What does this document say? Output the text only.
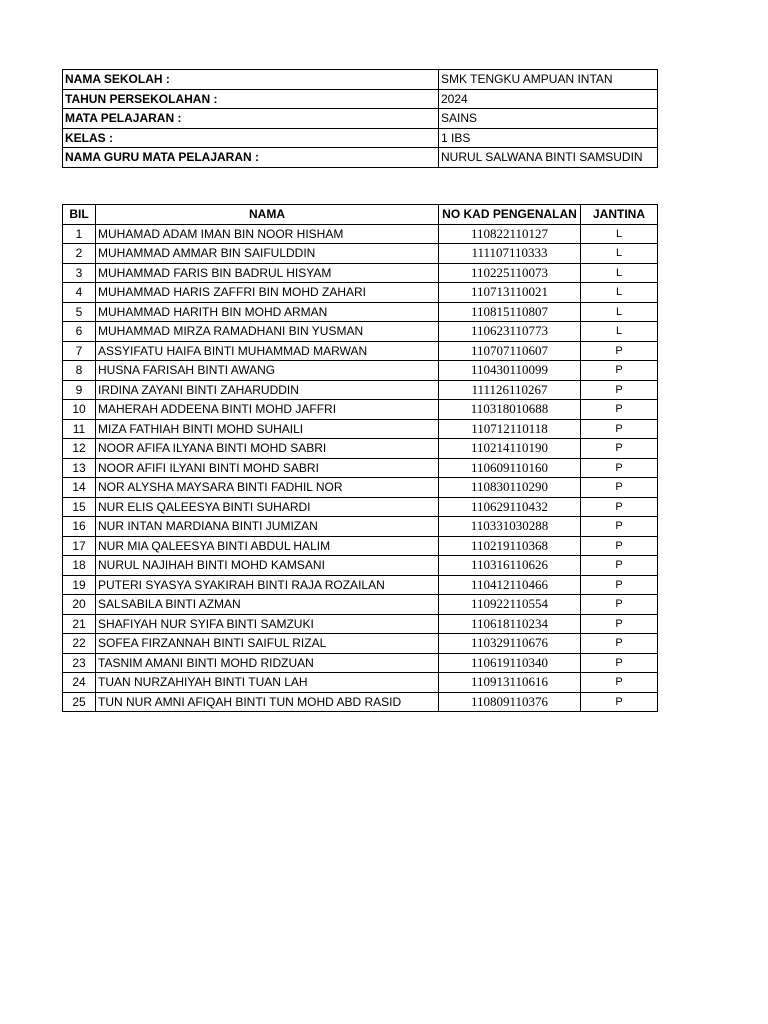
NAMA SEKOLAH :	SMK TENGKU AMPUAN INTAN
TAHUN PERSEKOLAHAN :	2024
MATA PELAJARAN :	SAINS
KELAS :	1 IBS
NAMA GURU MATA PELAJARAN :	NURUL SALWANA BINTI SAMSUDIN
BIL	NAMA	NO KAD PENGENALAN	JANTINA
1	MUHAMAD ADAM IMAN BIN NOOR HISHAM	110822110127	L
2	MUHAMMAD AMMAR BIN SAIFULDDIN	111107110333	L
3	MUHAMMAD FARIS BIN BADRUL HISYAM	110225110073	L
4	MUHAMMAD HARIS ZAFFRI BIN MOHD ZAHARI	110713110021	L
5	MUHAMMAD HARITH BIN MOHD ARMAN	110815110807	L
6	MUHAMMAD MIRZA RAMADHANI BIN YUSMAN	110623110773	L
7	ASSYIFATU HAIFA BINTI MUHAMMAD MARWAN	110707110607	P
8	HUSNA FARISAH BINTI AWANG	110430110099	P
9	IRDINA ZAYANI BINTI ZAHARUDDIN	111126110267	P
10	MAHERAH ADDEENA BINTI MOHD JAFFRI	110318010688	P
11	MIZA FATHIAH BINTI MOHD SUHAILI	110712110118	P
12	NOOR AFIFA ILYANA BINTI MOHD SABRI	110214110190	P
13	NOOR AFIFI ILYANI BINTI MOHD SABRI	110609110160	P
14	NOR ALYSHA MAYSARA BINTI FADHIL NOR	110830110290	P
15	NUR ELIS QALEESYA BINTI SUHARDI	110629110432	P
16	NUR INTAN MARDIANA BINTI JUMIZAN	110331030288	P
17	NUR MIA QALEESYA BINTI ABDUL HALIM	110219110368	P
18	NURUL NAJIHAH BINTI MOHD KAMSANI	110316110626	P
19	PUTERI SYASYA SYAKIRAH BINTI RAJA ROZAILAN	110412110466	P
20	SALSABILA BINTI AZMAN	110922110554	P
21	SHAFIYAH NUR SYIFA BINTI SAMZUKI	110618110234	P
22	SOFEA FIRZANNAH BINTI SAIFUL RIZAL	110329110676	P
23	TASNIM AMANI BINTI MOHD RIDZUAN	110619110340	P
24	TUAN NURZAHIYAH BINTI TUAN LAH	110913110616	P
25	TUN NUR AMNI AFIQAH BINTI TUN MOHD ABD RASID	110809110376	P
